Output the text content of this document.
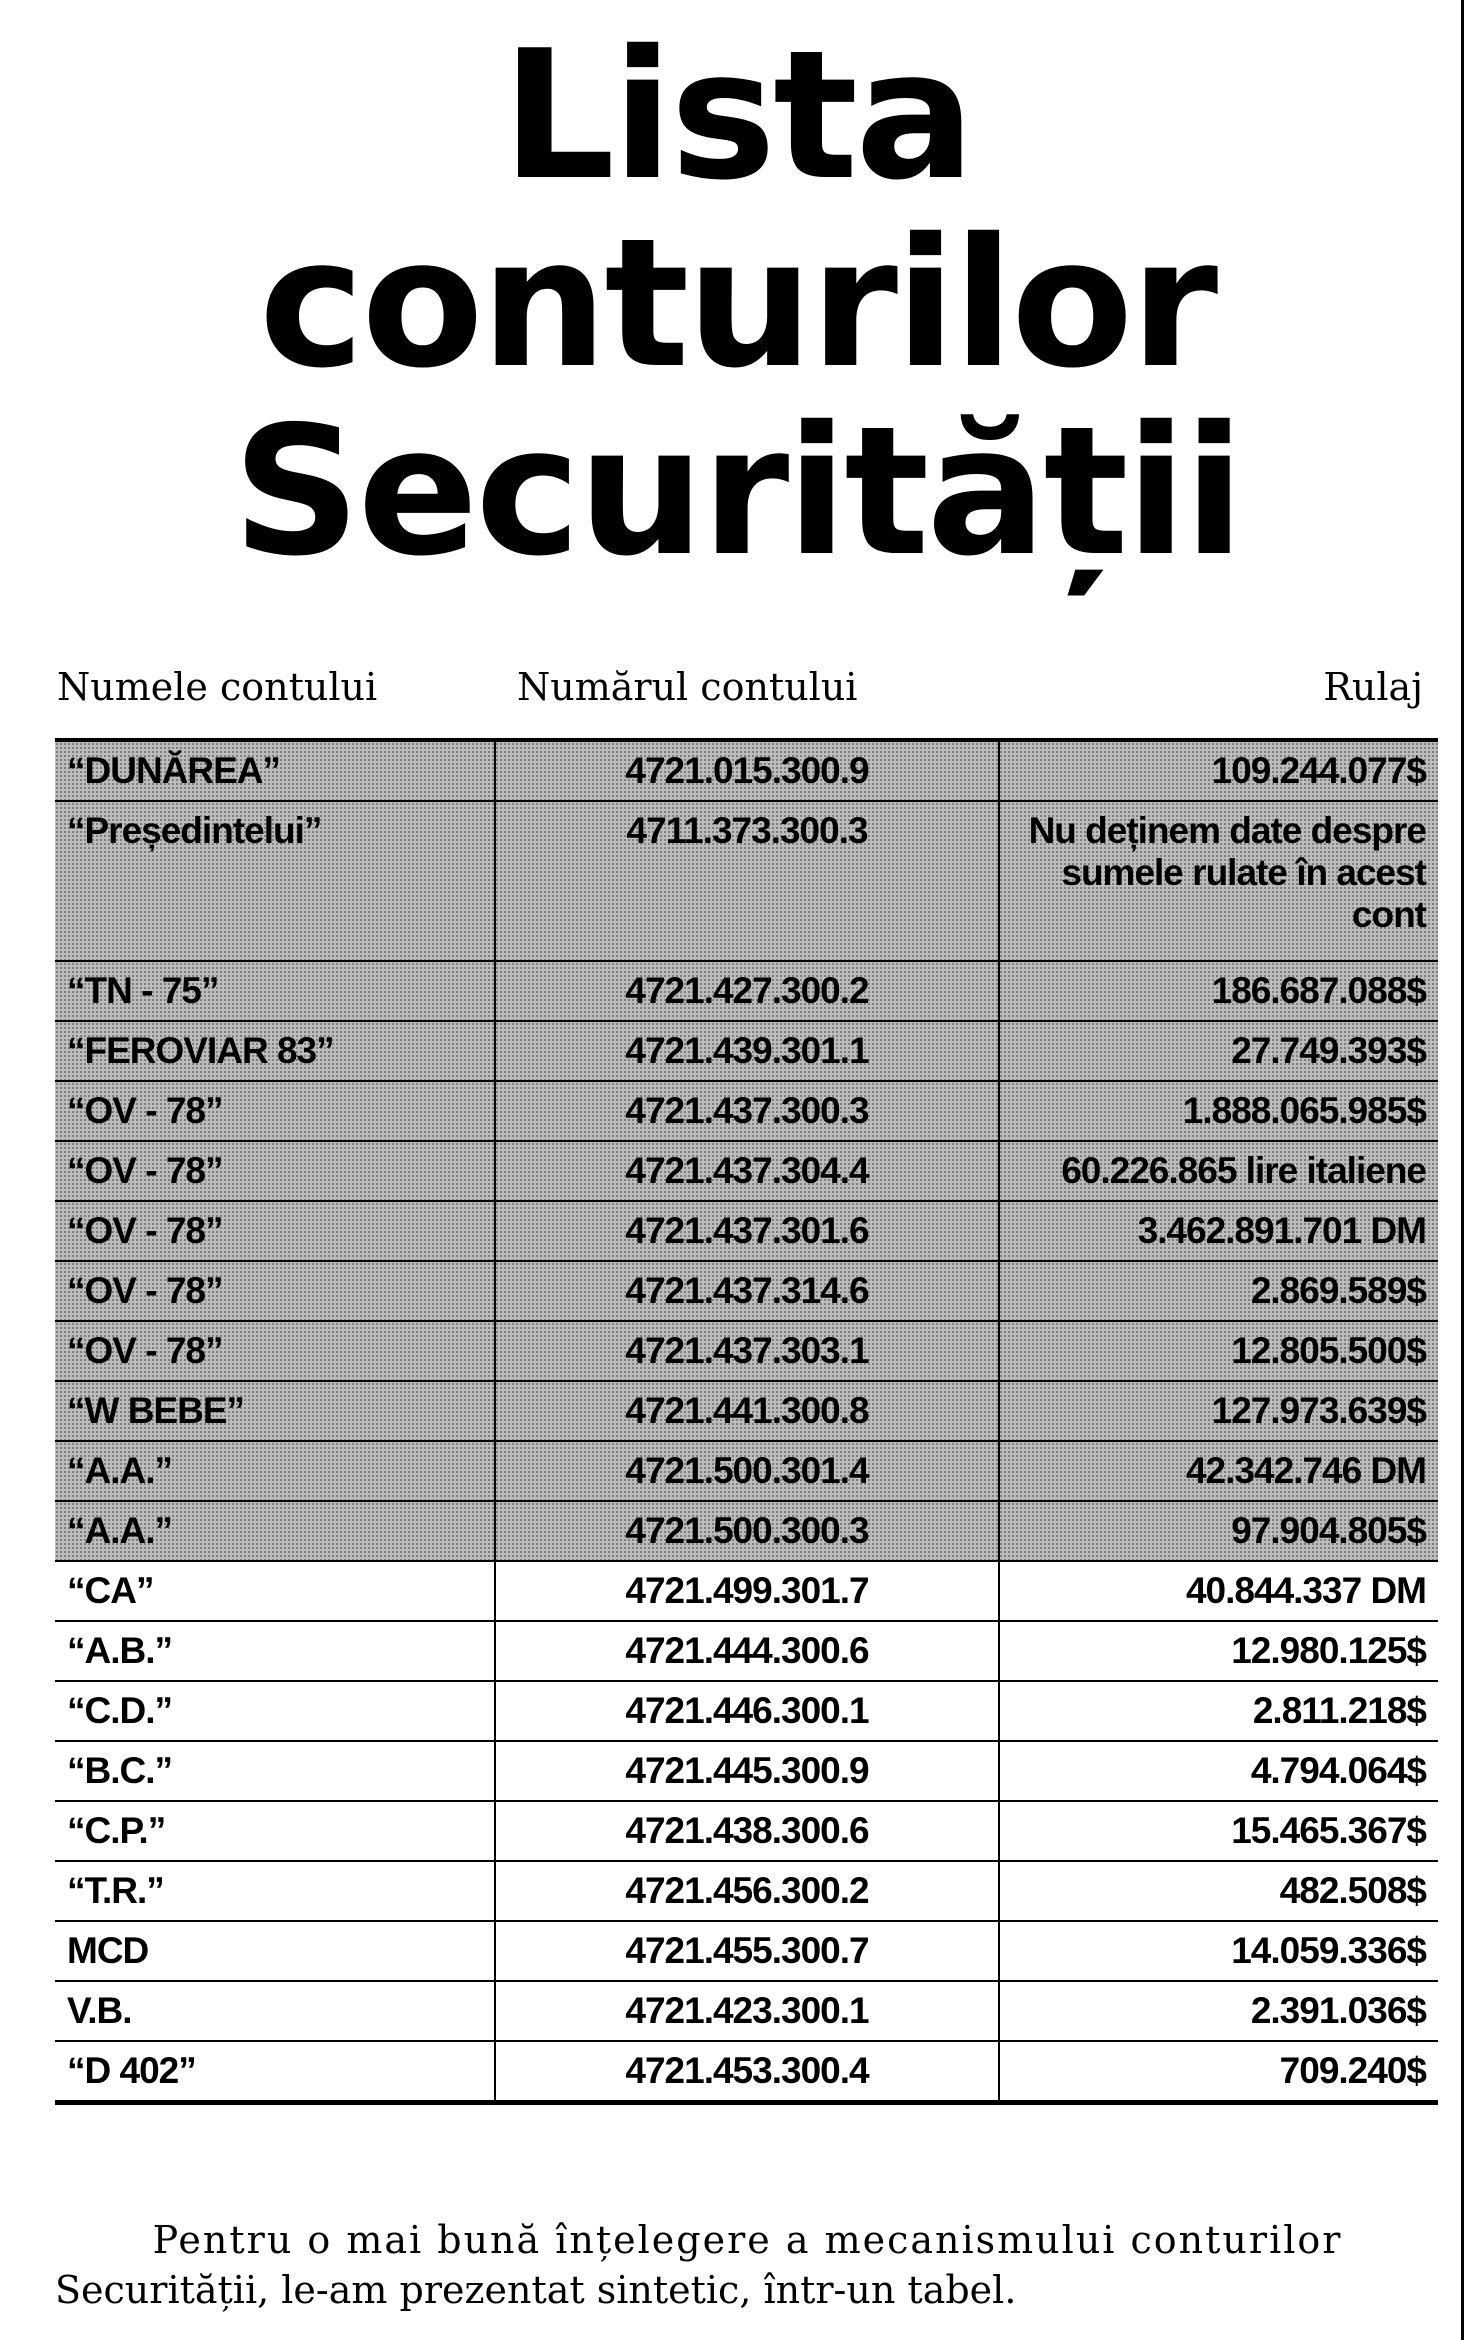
Lista
conturilor
Securității
Numele contului	Numărul contului	Rulaj
“DUNĂREA”	4721.015.300.9	109.244.077$
“Președintelui”	4711.373.300.3	Nu deținem date despre sumele rulate în acest cont
“TN - 75”	4721.427.300.2	186.687.088$
“FEROVIAR 83”	4721.439.301.1	27.749.393$
“OV - 78”	4721.437.300.3	1.888.065.985$
“OV - 78”	4721.437.304.4	60.226.865 lire italiene
“OV - 78”	4721.437.301.6	3.462.891.701 DM
“OV - 78”	4721.437.314.6	2.869.589$
“OV - 78”	4721.437.303.1	12.805.500$
“W BEBE”	4721.441.300.8	127.973.639$
“A.A.”	4721.500.301.4	42.342.746 DM
“A.A.”	4721.500.300.3	97.904.805$
“CA”	4721.499.301.7	40.844.337 DM
“A.B.”	4721.444.300.6	12.980.125$
“C.D.”	4721.446.300.1	2.811.218$
“B.C.”	4721.445.300.9	4.794.064$
“C.P.”	4721.438.300.6	15.465.367$
“T.R.”	4721.456.300.2	482.508$
MCD	4721.455.300.7	14.059.336$
V.B.	4721.423.300.1	2.391.036$
“D 402”	4721.453.300.4	709.240$
Pentru o mai bună înțelegere a mecanismului conturilor
Securității, le-am prezentat sintetic, într-un tabel.
